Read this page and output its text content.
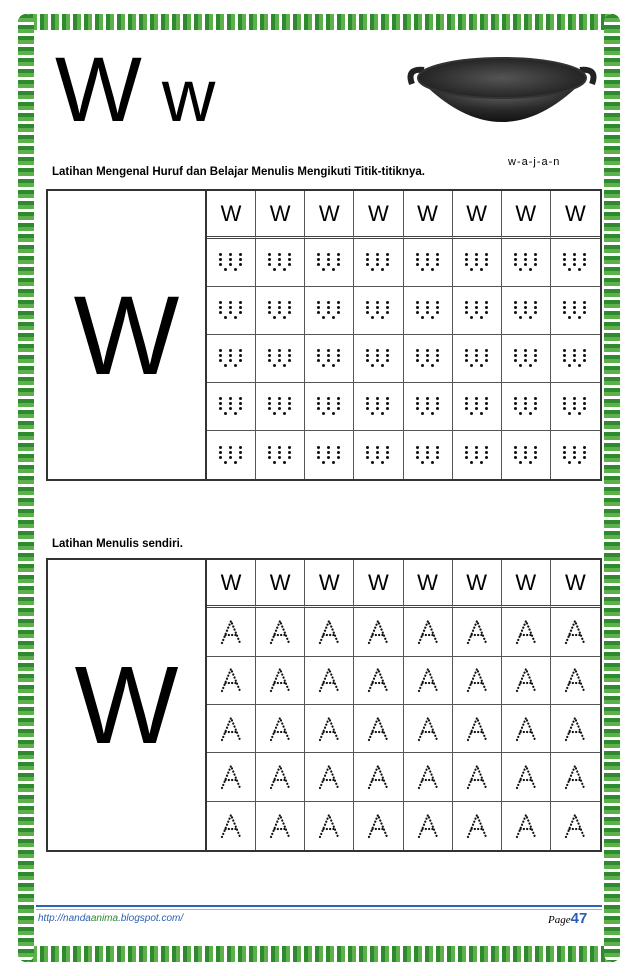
W w
w-a-j-a-n
Latihan Mengenal Huruf dan Belajar Menulis Mengikuti Titik-titiknya.
W
W	W	W	W	W	W	W	W
Latihan Menulis sendiri.
W
W	W	W	W	W	W	W	W
http://nandaanima.blogspot.com/	Page47
